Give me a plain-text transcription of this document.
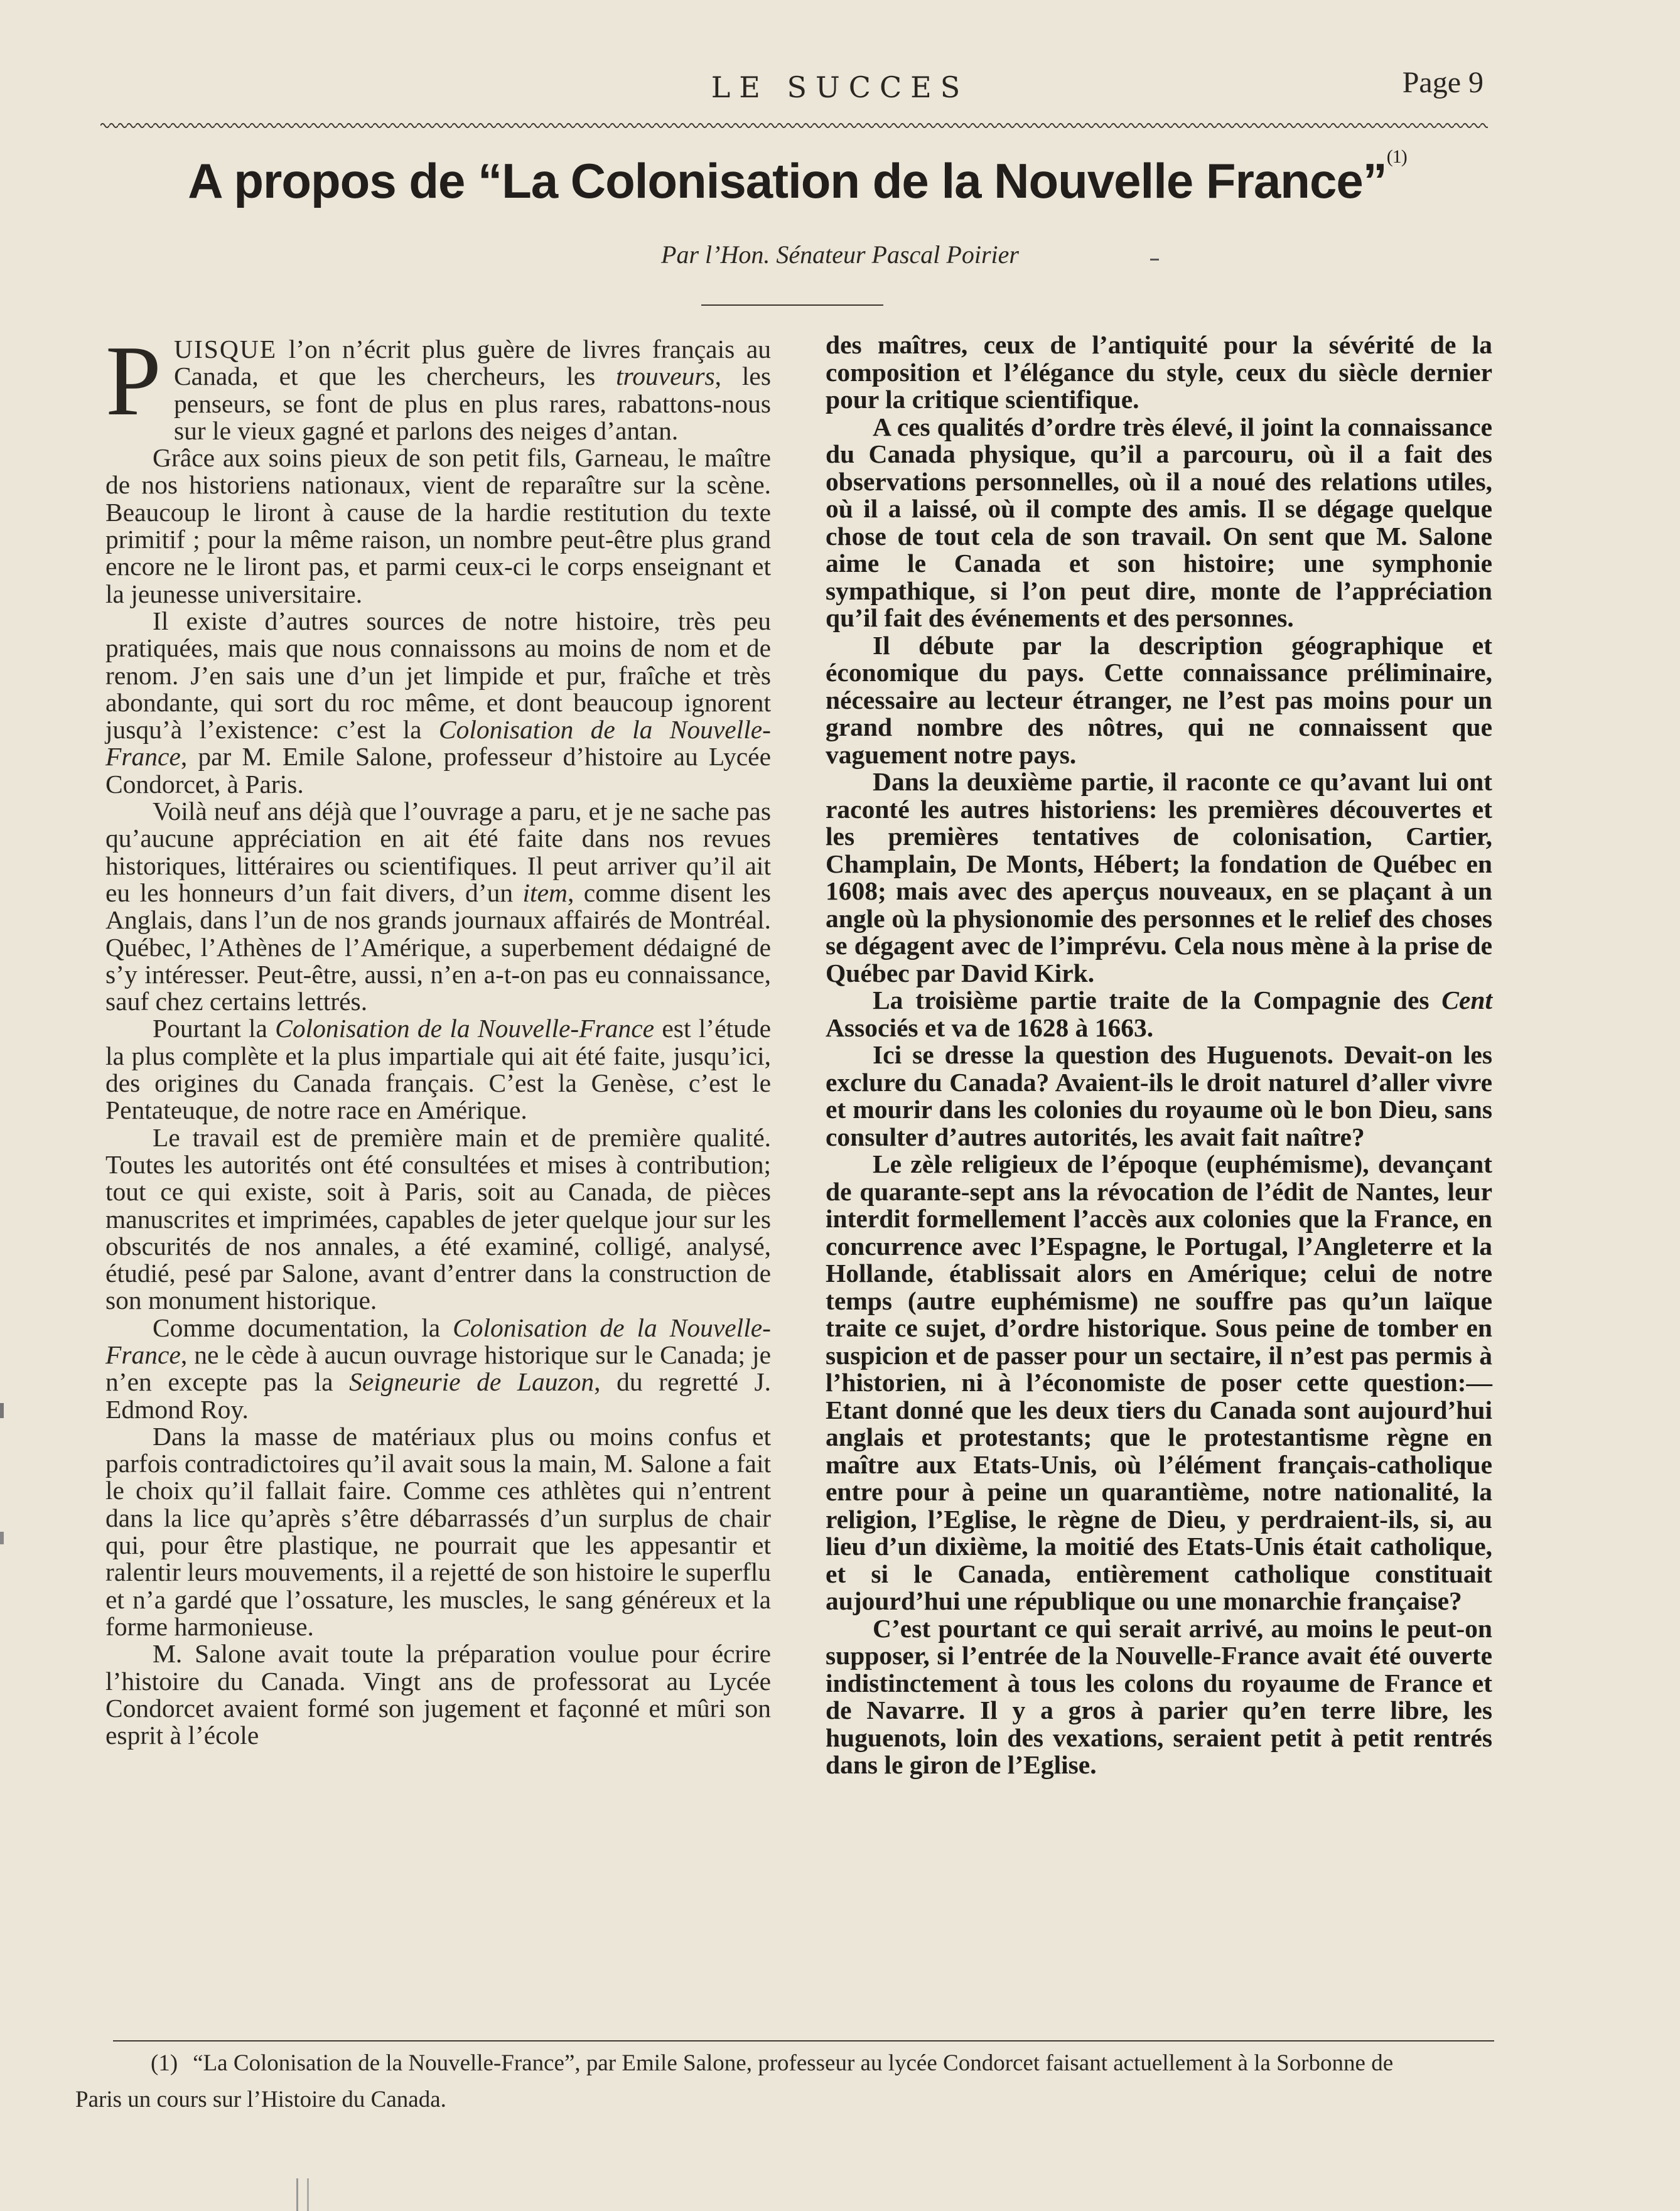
LE SUCCES	Page 9
A propos de “La Colonisation de la Nouvelle France”$^{(1)}$
Par l’Hon. Sénateur Pascal Poirier

PUISQUE l’on n’écrit plus guère de livres français au Canada, et que les chercheurs, les trouveurs, les penseurs, se font de plus en plus rares, rabattons-nous sur le vieux gagné et parlons des neiges d’antan.

Grâce aux soins pieux de son petit fils, Garneau, le maître de nos historiens nationaux, vient de reparaître sur la scène. Beaucoup le liront à cause de la hardie restitution du texte primitif ; pour la même raison, un nombre peut-être plus grand encore ne le liront pas, et parmi ceux-ci le corps enseignant et la jeunesse universitaire.

Il existe d’autres sources de notre histoire, très peu pratiquées, mais que nous connaissons au moins de nom et de renom. J’en sais une d’un jet limpide et pur, fraîche et très abondante, qui sort du roc même, et dont beaucoup ignorent jusqu’à l’existence: c’est la Colonisation de la Nouvelle-France, par M. Emile Salone, professeur d’histoire au Lycée Condorcet, à Paris.

Voilà neuf ans déjà que l’ouvrage a paru, et je ne sache pas qu’aucune appréciation en ait été faite dans nos revues historiques, littéraires ou scientifiques. Il peut arriver qu’il ait eu les honneurs d’un fait divers, d’un item, comme disent les Anglais, dans l’un de nos grands journaux affairés de Montréal. Québec, l’Athènes de l’Amérique, a superbement dédaigné de s’y intéresser. Peut-être, aussi, n’en a-t-on pas eu connaissance, sauf chez certains lettrés.

Pourtant la Colonisation de la Nouvelle-France est l’étude la plus complète et la plus impartiale qui ait été faite, jusqu’ici, des origines du Canada français. C’est la Genèse, c’est le Pentateuque, de notre race en Amérique.

Le travail est de première main et de première qualité. Toutes les autorités ont été consultées et mises à contribution; tout ce qui existe, soit à Paris, soit au Canada, de pièces manuscrites et imprimées, capables de jeter quelque jour sur les obscurités de nos annales, a été examiné, colligé, analysé, étudié, pesé par Salone, avant d’entrer dans la construction de son monument historique.

Comme documentation, la Colonisation de la Nouvelle-France, ne le cède à aucun ouvrage historique sur le Canada; je n’en excepte pas la Seigneurie de Lauzon, du regretté J. Edmond Roy.

Dans la masse de matériaux plus ou moins confus et parfois contradictoires qu’il avait sous la main, M. Salone a fait le choix qu’il fallait faire. Comme ces athlètes qui n’entrent dans la lice qu’après s’être débarrassés d’un surplus de chair qui, pour être plastique, ne pourrait que les appesantir et ralentir leurs mouvements, il a rejetté de son histoire le superflu et n’a gardé que l’ossature, les muscles, le sang généreux et la forme harmonieuse.

M. Salone avait toute la préparation voulue pour écrire l’histoire du Canada. Vingt ans de professorat au Lycée Condorcet avaient formé son jugement et façonné et mûri son esprit à l’école

des maîtres, ceux de l’antiquité pour la sévérité de la composition et l’élégance du style, ceux du siècle dernier pour la critique scientifique.

A ces qualités d’ordre très élevé, il joint la connaissance du Canada physique, qu’il a parcouru, où il a fait des observations personnelles, où il a noué des relations utiles, où il a laissé, où il compte des amis. Il se dégage quelque chose de tout cela de son travail. On sent que M. Salone aime le Canada et son histoire; une symphonie sympathique, si l’on peut dire, monte de l’appréciation qu’il fait des événements et des personnes.

Il débute par la description géographique et économique du pays. Cette connaissance préliminaire, nécessaire au lecteur étranger, ne l’est pas moins pour un grand nombre des nôtres, qui ne connaissent que vaguement notre pays.

Dans la deuxième partie, il raconte ce qu’avant lui ont raconté les autres historiens: les premières découvertes et les premières tentatives de colonisation, Cartier, Champlain, De Monts, Hébert; la fondation de Québec en 1608; mais avec des aperçus nouveaux, en se plaçant à un angle où la physionomie des personnes et le relief des choses se dégagent avec de l’imprévu. Cela nous mène à la prise de Québec par David Kirk.

La troisième partie traite de la Compagnie des Cent Associés et va de 1628 à 1663.

Ici se dresse la question des Huguenots. Devait-on les exclure du Canada? Avaient-ils le droit naturel d’aller vivre et mourir dans les colonies du royaume où le bon Dieu, sans consulter d’autres autorités, les avait fait naître?

Le zèle religieux de l’époque (euphémisme), devançant de quarante-sept ans la révocation de l’édit de Nantes, leur interdit formellement l’accès aux colonies que la France, en concurrence avec l’Espagne, le Portugal, l’Angleterre et la Hollande, établissait alors en Amérique; celui de notre temps (autre euphémisme) ne souffre pas qu’un laïque traite ce sujet, d’ordre historique. Sous peine de tomber en suspicion et de passer pour un sectaire, il n’est pas permis à l’historien, ni à l’économiste de poser cette question:— Etant donné que les deux tiers du Canada sont aujourd’hui anglais et protestants; que le protestantisme règne en maître aux Etats-Unis, où l’élément français-catholique entre pour à peine un quarantième, notre nationalité, la religion, l’Eglise, le règne de Dieu, y perdraient-ils, si, au lieu d’un dixième, la moitié des Etats-Unis était catholique, et si le Canada, entièrement catholique constituait aujourd’hui une république ou une monarchie française?

C’est pourtant ce qui serait arrivé, au moins le peut-on supposer, si l’entrée de la Nouvelle-France avait été ouverte indistinctement à tous les colons du royaume de France et de Navarre. Il y a gros à parier qu’en terre libre, les huguenots, loin des vexations, seraient petit à petit rentrés dans le giron de l’Eglise.

(1) “La Colonisation de la Nouvelle-France”, par Emile Salone, professeur au lycée Condorcet faisant actuellement à la Sorbonne de Paris un cours sur l’Histoire du Canada.
